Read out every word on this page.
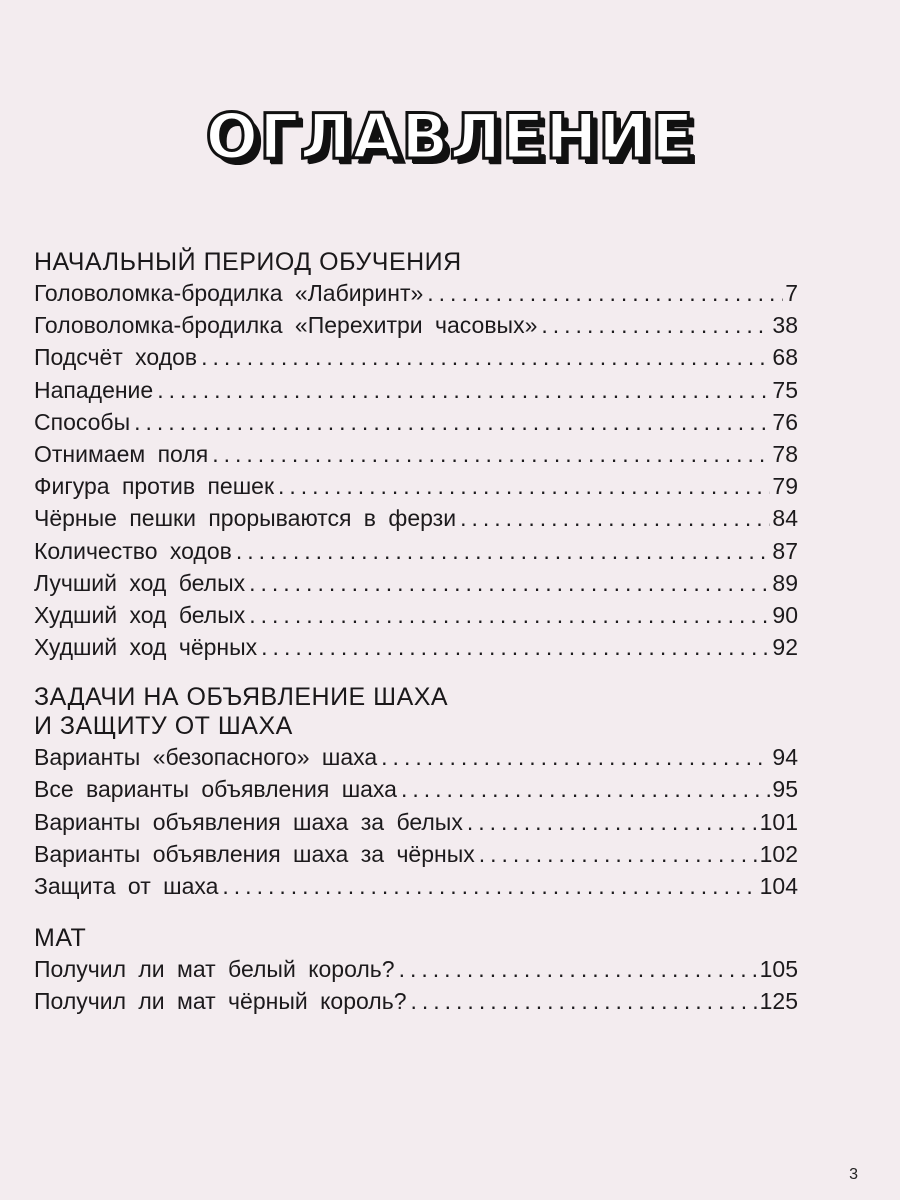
ОГЛАВЛЕНИЕ
НАЧАЛЬНЫЙ ПЕРИОД ОБУЧЕНИЯ
Головоломка-бродилка «Лабиринт» .....	7
Головоломка-бродилка «Перехитри часовых» .....	38
Подсчёт ходов .....	68
Нападение .....	75
Способы .....	76
Отнимаем поля .....	78
Фигура против пешек .....	79
Чёрные пешки прорываются в ферзи .....	84
Количество ходов .....	87
Лучший ход белых .....	89
Худший ход белых .....	90
Худший ход чёрных .....	92
ЗАДАЧИ НА ОБЪЯВЛЕНИЕ ШАХА
И ЗАЩИТУ ОТ ШАХА
Варианты «безопасного» шаха .....	94
Все варианты объявления шаха .....	95
Варианты объявления шаха за белых .....	101
Варианты объявления шаха за чёрных .....	102
Защита от шаха .....	104
МАТ
Получил ли мат белый король? .....	105
Получил ли мат чёрный король? .....	125
3
